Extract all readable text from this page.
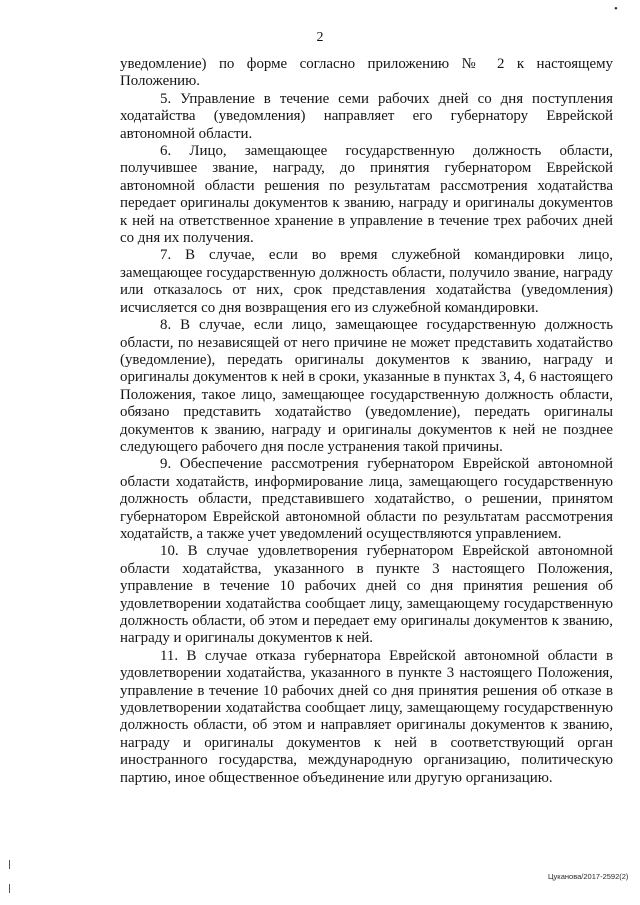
•
2

уведомление) по форме согласно приложению № 2 к настоящему Положению.

5. Управление в течение семи рабочих дней со дня поступления ходатайства (уведомления) направляет его губернатору Еврейской автономной области.

6. Лицо, замещающее государственную должность области, получившее звание, награду, до принятия губернатором Еврейской автономной области решения по результатам рассмотрения ходатайства передает оригиналы документов к званию, награду и оригиналы документов к ней на ответственное хранение в управление в течение трех рабочих дней со дня их получения.

7. В случае, если во время служебной командировки лицо, замещающее государственную должность области, получило звание, награду или отказалось от них, срок представления ходатайства (уведомления) исчисляется со дня возвращения его из служебной командировки.

8. В случае, если лицо, замещающее государственную должность области, по независящей от него причине не может представить ходатайство (уведомление), передать оригиналы документов к званию, награду и оригиналы документов к ней в сроки, указанные в пунктах 3, 4, 6 настоящего Положения, такое лицо, замещающее государственную должность области, обязано представить ходатайство (уведомление), передать оригиналы документов к званию, награду и оригиналы документов к ней не позднее следующего рабочего дня после устранения такой причины.

9. Обеспечение рассмотрения губернатором Еврейской автономной области ходатайств, информирование лица, замещающего государственную должность области, представившего ходатайство, о решении, принятом губернатором Еврейской автономной области по результатам рассмотрения ходатайств, а также учет уведомлений осуществляются управлением.

10. В случае удовлетворения губернатором Еврейской автономной области ходатайства, указанного в пункте 3 настоящего Положения, управление в течение 10 рабочих дней со дня принятия решения об удовлетворении ходатайства сообщает лицу, замещающему государственную должность области, об этом и передает ему оригиналы документов к званию, награду и оригиналы документов к ней.

11. В случае отказа губернатора Еврейской автономной области в удовлетворении ходатайства, указанного в пункте 3 настоящего Положения, управление в течение 10 рабочих дней со дня принятия решения об отказе в удовлетворении ходатайства сообщает лицу, замещающему государственную должность области, об этом и направляет оригиналы документов к званию, награду и оригиналы документов к ней в соответствующий орган иностранного государства, международную организацию, политическую партию, иное общественное объединение или другую организацию.

Цуканова/2017-2592(2)
